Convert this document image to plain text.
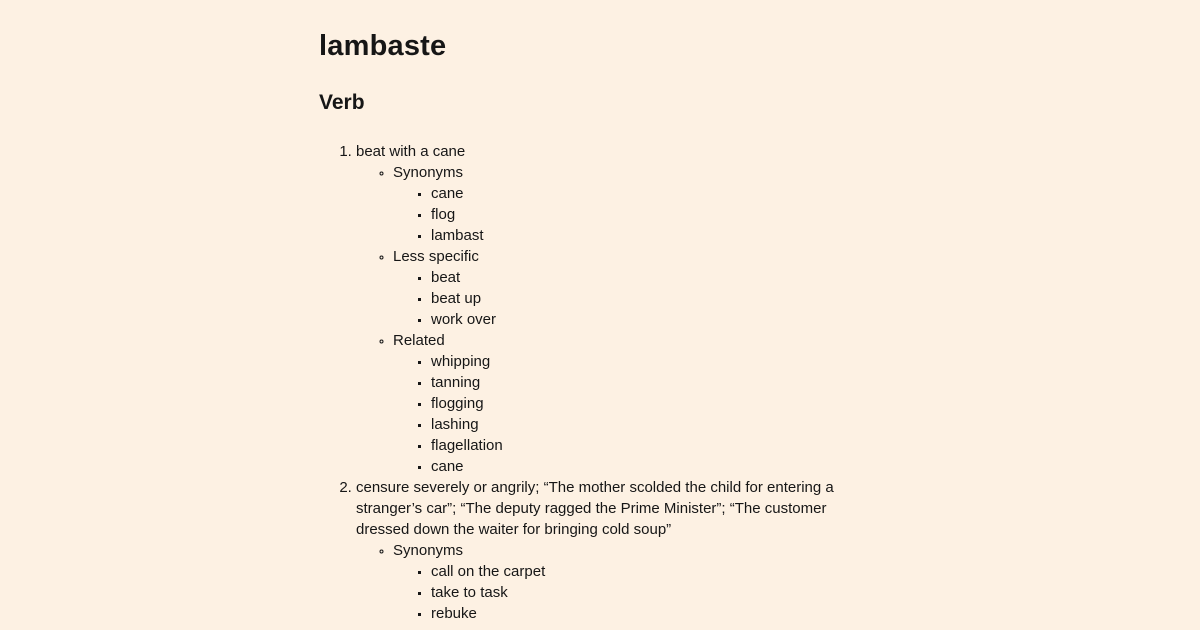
lambaste
Verb
1. beat with a cane
◦ Synonyms
▪ cane
▪ flog
▪ lambast
◦ Less specific
▪ beat
▪ beat up
▪ work over
◦ Related
▪ whipping
▪ tanning
▪ flogging
▪ lashing
▪ flagellation
▪ cane
2. censure severely or angrily; “The mother scolded the child for entering a stranger’s car”; “The deputy ragged the Prime Minister”; “The customer dressed down the waiter for bringing cold soup”
◦ Synonyms
▪ call on the carpet
▪ take to task
▪ rebuke
